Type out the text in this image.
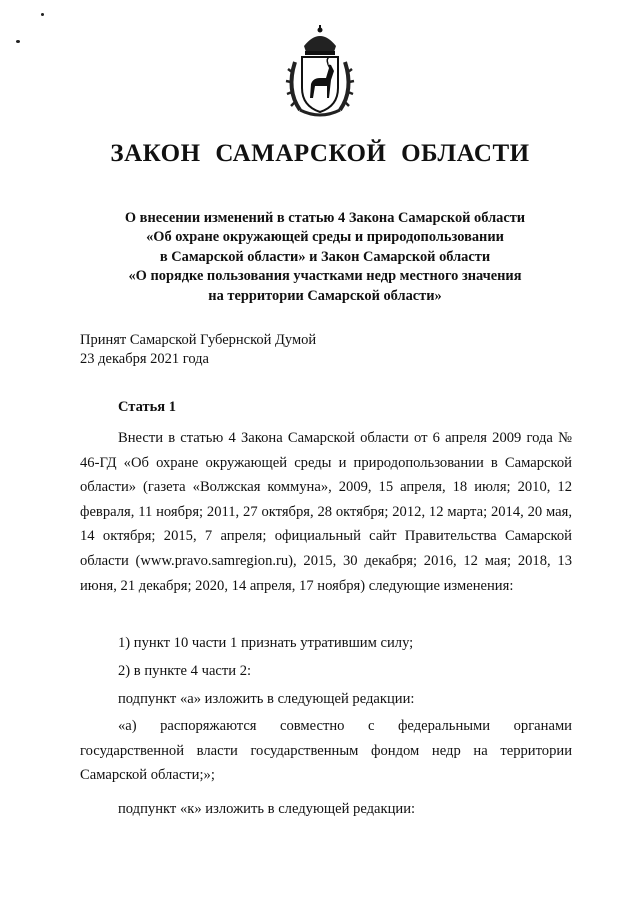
ЗАКОН САМАРСКОЙ ОБЛАСТИ
О внесении изменений в статью 4 Закона Самарской области
«Об охране окружающей среды и природопользовании
в Самарской области» и Закон Самарской области
«О порядке пользования участками недр местного значения
на территории Самарской области»
Принят Самарской Губернской Думой
23 декабря 2021 года
Статья 1
Внести в статью 4 Закона Самарской области от 6 апреля 2009 года № 46-ГД «Об охране окружающей среды и природопользовании в Самарской области» (газета «Волжская коммуна», 2009, 15 апреля, 18 июля; 2010, 12 февраля, 11 ноября; 2011, 27 октября, 28 октября; 2012, 12 марта; 2014, 20 мая, 14 октября; 2015, 7 апреля; официальный сайт Правительства Самарской области (www.pravo.samregion.ru), 2015, 30 декабря; 2016, 12 мая; 2018, 13 июня, 21 декабря; 2020, 14 апреля, 17 ноября) следующие изменения:
1) пункт 10 части 1 признать утратившим силу;
2) в пункте 4 части 2:
подпункт «а» изложить в следующей редакции:
«а) распоряжаются совместно с федеральными органами государственной власти государственным фондом недр на территории Самарской области;»;
подпункт «к» изложить в следующей редакции:
